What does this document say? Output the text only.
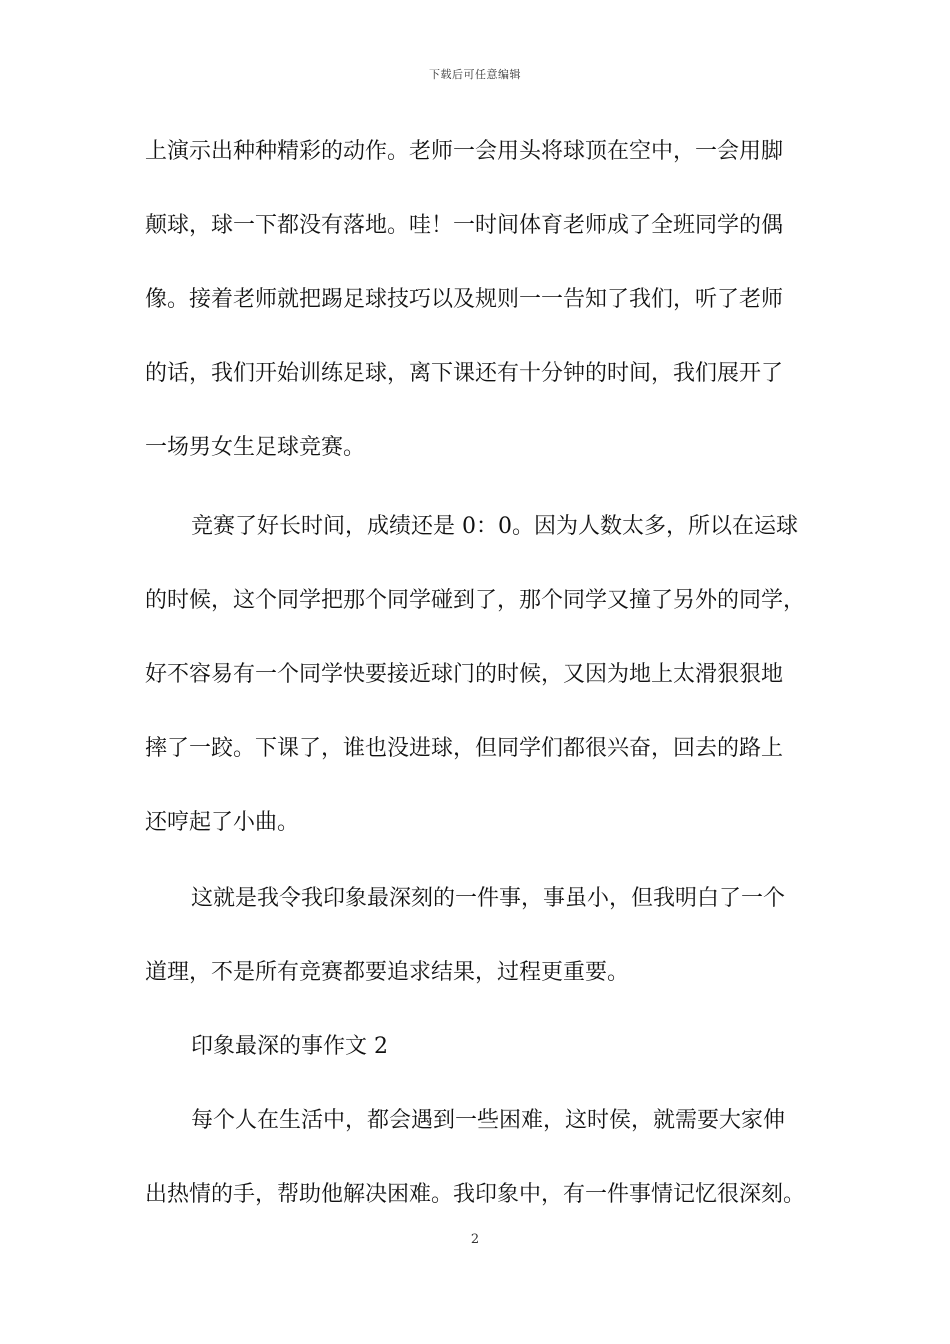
下载后可任意编辑
上演示出种种精彩的动作。老师一会用头将球顶在空中，一会用脚
颠球，球一下都没有落地。哇！一时间体育老师成了全班同学的偶
像。接着老师就把踢足球技巧以及规则一一告知了我们，听了老师
的话，我们开始训练足球，离下课还有十分钟的时间，我们展开了
一场男女生足球竞赛。
竞赛了好长时间，成绩还是 0：0。因为人数太多，所以在运球
的时候，这个同学把那个同学碰到了，那个同学又撞了另外的同学，
好不容易有一个同学快要接近球门的时候，又因为地上太滑狠狠地
摔了一跤。下课了，谁也没进球，但同学们都很兴奋，回去的路上
还哼起了小曲。
这就是我令我印象最深刻的一件事，事虽小，但我明白了一个
道理，不是所有竞赛都要追求结果，过程更重要。
印象最深的事作文 2
每个人在生活中，都会遇到一些困难，这时侯，就需要大家伸
出热情的手，帮助他解决困难。我印象中，有一件事情记忆很深刻。
2
